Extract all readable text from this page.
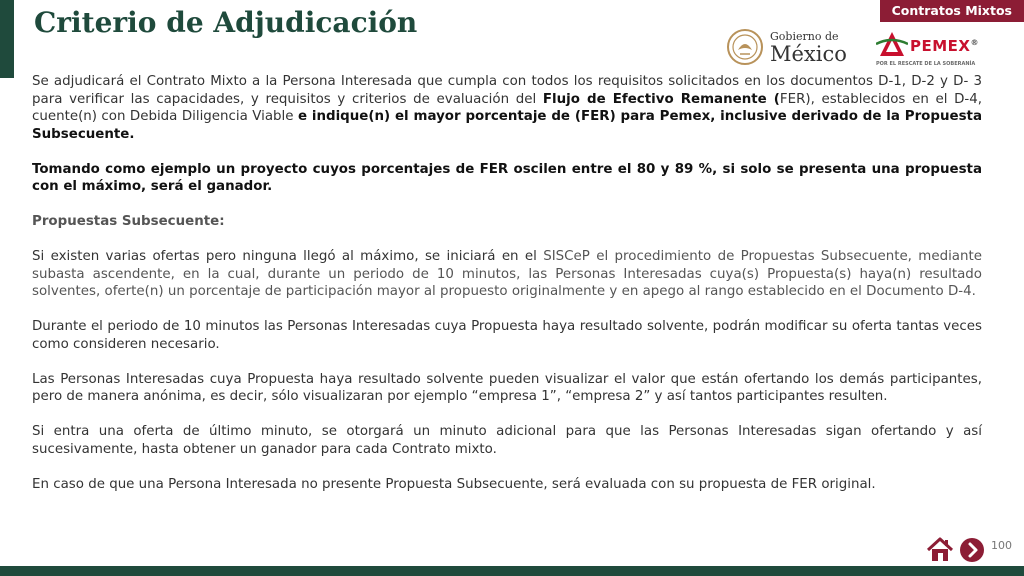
Criterio de Adjudicación	Contratos Mixtos
Gobierno de
México	PEMEX®
POR EL RESCATE DE LA SOBERANÍA

Se adjudicará el Contrato Mixto a la Persona Interesada que cumpla con todos los requisitos solicitados en los documentos D-1, D-2 y D- 3 para verificar las capacidades, y requisitos y criterios de evaluación del Flujo de Efectivo Remanente (FER), establecidos en el D-4, cuente(n) con Debida Diligencia Viable e indique(n) el mayor porcentaje de (FER) para Pemex, inclusive derivado de la Propuesta Subsecuente.

Tomando como ejemplo un proyecto cuyos porcentajes de FER oscilen entre el 80 y 89 %, si solo se presenta una propuesta con el máximo, será el ganador.

Propuestas Subsecuente:

Si existen varias ofertas pero ninguna llegó al máximo, se iniciará en el SISCeP el procedimiento de Propuestas Subsecuente, mediante subasta ascendente, en la cual, durante un periodo de 10 minutos, las Personas Interesadas cuya(s) Propuesta(s) haya(n) resultado solventes, oferte(n) un porcentaje de participación mayor al propuesto originalmente y en apego al rango establecido en el Documento D-4.

Durante el periodo de 10 minutos las Personas Interesadas cuya Propuesta haya resultado solvente, podrán modificar su oferta tantas veces como consideren necesario.

Las Personas Interesadas cuya Propuesta haya resultado solvente pueden visualizar el valor que están ofertando los demás participantes, pero de manera anónima, es decir, sólo visualizaran por ejemplo “empresa 1”, “empresa 2” y así tantos participantes resulten.

Si entra una oferta de último minuto, se otorgará un minuto adicional para que las Personas Interesadas sigan ofertando y así sucesivamente, hasta obtener un ganador para cada Contrato mixto.

En caso de que una Persona Interesada no presente Propuesta Subsecuente, será evaluada con su propuesta de FER original.

100
